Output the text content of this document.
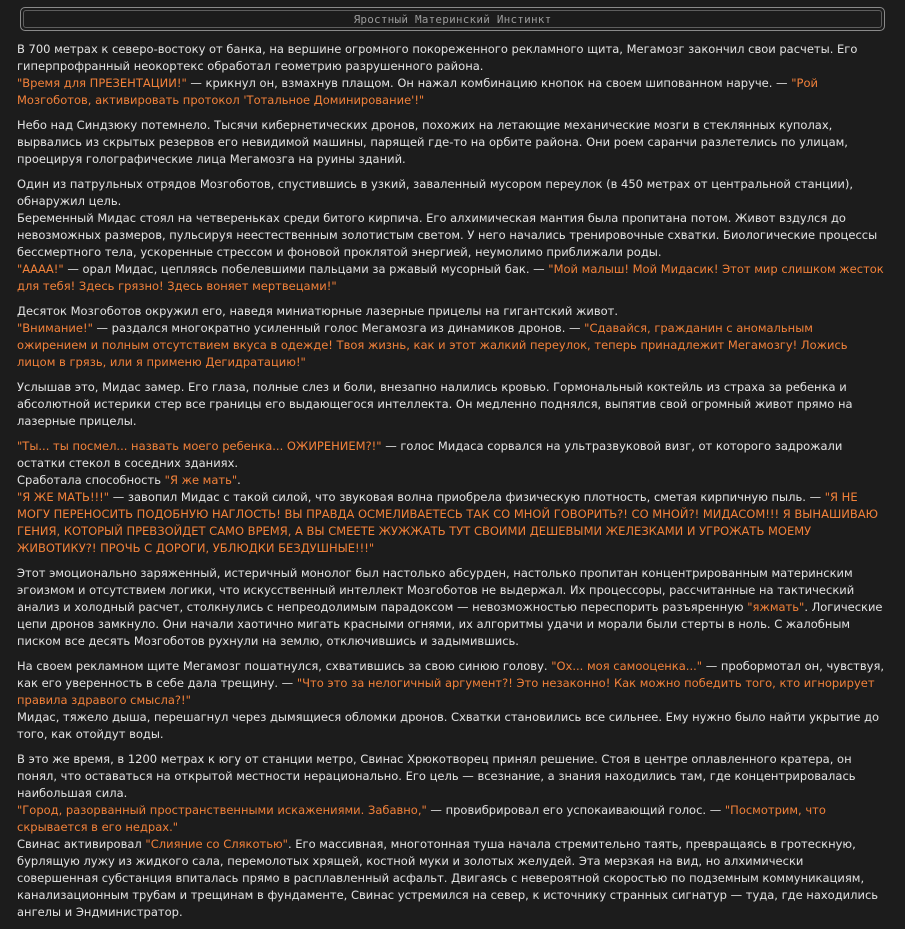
Яростный Материнский Инстинкт
В 700 метрах к северо-востоку от банка, на вершине огромного покореженного рекламного щита, Мегамозг закончил свои расчеты. Его гиперпрофранный неокортекс обработал геометрию разрушенного района.
"Время для ПРЕЗЕНТАЦИИ!" — крикнул он, взмахнув плащом. Он нажал комбинацию кнопок на своем шипованном наруче. — "Рой Мозгоботов, активировать протокол 'Тотальное Доминирование'!"
Небо над Синдзюку потемнело. Тысячи кибернетических дронов, похожих на летающие механические мозги в стеклянных куполах, вырвались из скрытых резервов его невидимой машины, парящей где-то на орбите района. Они роем саранчи разлетелись по улицам, проецируя голографические лица Мегамозга на руины зданий.
Один из патрульных отрядов Мозгоботов, спустившись в узкий, заваленный мусором переулок (в 450 метрах от центральной станции), обнаружил цель.
Беременный Мидас стоял на четвереньках среди битого кирпича. Его алхимическая мантия была пропитана потом. Живот вздулся до невозможных размеров, пульсируя неестественным золотистым светом. У него начались тренировочные схватки. Биологические процессы бессмертного тела, ускоренные стрессом и фоновой проклятой энергией, неумолимо приближали роды.
"АААА!" — орал Мидас, цепляясь побелевшими пальцами за ржавый мусорный бак. — "Мой малыш! Мой Мидасик! Этот мир слишком жесток для тебя! Здесь грязно! Здесь воняет мертвецами!"
Десяток Мозгоботов окружил его, наведя миниатюрные лазерные прицелы на гигантский живот.
"Внимание!" — раздался многократно усиленный голос Мегамозга из динамиков дронов. — "Сдавайся, гражданин с аномальным ожирением и полным отсутствием вкуса в одежде! Твоя жизнь, как и этот жалкий переулок, теперь принадлежит Мегамозгу! Ложись лицом в грязь, или я применю Дегидратацию!"
Услышав это, Мидас замер. Его глаза, полные слез и боли, внезапно налились кровью. Гормональный коктейль из страха за ребенка и абсолютной истерики стер все границы его выдающегося интеллекта. Он медленно поднялся, выпятив свой огромный живот прямо на лазерные прицелы.
"Ты... ты посмел... назвать моего ребенка... ОЖИРЕНИЕМ?!" — голос Мидаса сорвался на ультразвуковой визг, от которого задрожали остатки стекол в соседних зданиях.
Сработала способность "Я же мать".
"Я ЖЕ МАТЬ!!!" — завопил Мидас с такой силой, что звуковая волна приобрела физическую плотность, сметая кирпичную пыль. — "Я НЕ МОГУ ПЕРЕНОСИТЬ ПОДОБНУЮ НАГЛОСТЬ! ВЫ ПРАВДА ОСМЕЛИВАЕТЕСЬ ТАК СО МНОЙ ГОВОРИТЬ?! СО МНОЙ?! МИДАСОМ!!! Я ВЫНАШИВАЮ ГЕНИЯ, КОТОРЫЙ ПРЕВЗОЙДЕТ САМО ВРЕМЯ, А ВЫ СМЕЕТЕ ЖУЖЖАТЬ ТУТ СВОИМИ ДЕШЕВЫМИ ЖЕЛЕЗКАМИ И УГРОЖАТЬ МОЕМУ ЖИВОТИКУ?! ПРОЧЬ С ДОРОГИ, УБЛЮДКИ БЕЗДУШНЫЕ!!!"
Этот эмоционально заряженный, истеричный монолог был настолько абсурден, настолько пропитан концентрированным материнским эгоизмом и отсутствием логики, что искусственный интеллект Мозгоботов не выдержал. Их процессоры, рассчитанные на тактический анализ и холодный расчет, столкнулись с непреодолимым парадоксом — невозможностью переспорить разъяренную "яжмать". Логические цепи дронов замкнуло. Они начали хаотично мигать красными огнями, их алгоритмы удачи и морали были стерты в ноль. С жалобным писком все десять Мозгоботов рухнули на землю, отключившись и задымившись.
На своем рекламном щите Мегамозг пошатнулся, схватившись за свою синюю голову. "Ох... моя самооценка..." — пробормотал он, чувствуя, как его уверенность в себе дала трещину. — "Что это за нелогичный аргумент?! Это незаконно! Как можно победить того, кто игнорирует правила здравого смысла?!"
Мидас, тяжело дыша, перешагнул через дымящиеся обломки дронов. Схватки становились все сильнее. Ему нужно было найти укрытие до того, как отойдут воды.
В это же время, в 1200 метрах к югу от станции метро, Свинас Хрюкотворец принял решение. Стоя в центре оплавленного кратера, он понял, что оставаться на открытой местности нерационально. Его цель — всезнание, а знания находились там, где концентрировалась наибольшая сила.
"Город, разорванный пространственными искажениями. Забавно," — провибрировал его успокаивающий голос. — "Посмотрим, что скрывается в его недрах."
Свинас активировал "Слияние со Слякотью". Его массивная, многотонная туша начала стремительно таять, превращаясь в гротескную, бурлящую лужу из жидкого сала, перемолотых хрящей, костной муки и золотых желудей. Эта мерзкая на вид, но алхимически совершенная субстанция впиталась прямо в расплавленный асфальт. Двигаясь с невероятной скоростью по подземным коммуникациям, канализационным трубам и трещинам в фундаменте, Свинас устремился на север, к источнику странных сигнатур — туда, где находились ангелы и Эндминистратор.
